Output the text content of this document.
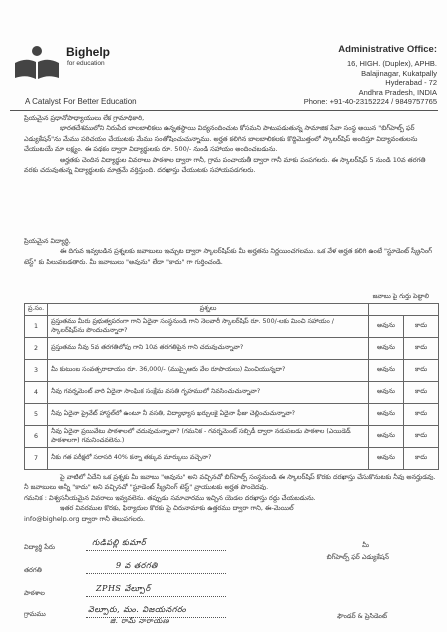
Bighelp
for education
A Catalyst For Better Education
Administrative Office:
16, HIGH. (Duplex), APHB.
Balajinagar, Kukatpally
Hyderabad - 72
Andhra Pradesh, INDIA
Phone: +91-40-23152224 / 9849757765

ప్రియమైన ప్రధానోపాధ్యాయులు లేక గ్రామాధికారి,

భారతదేశములోని నిరుపేద బాలబాలికలు ఉన్నతస్థాయి విద్యనందించుట కోసమని పాటుపడుతున్న సామాజిక సేవా సంస్థ అయిన "బిగ్‌హెల్ప్ ఫర్ ఎడ్యుకేషన్"ను మేము పరిచయం చేయుటకు మేము సంతోషించుచున్నాము. అర్హత కలిగిన బాలబాలికలకు కొద్దిమొత్తంలో స్కాలర్‌షిప్ అందిస్తూ విద్యావంతులను చేయుటయే మా లక్ష్యం. ఈ పథకం ద్వారా విద్యార్థులకు రూ. 500/- నుండి సహాయం అందించబడును.

అర్హతకు చెందిన విద్యార్థుల వివరాలు పాఠశాల ద్వారా గానీ, గ్రామ పంచాయతీ ద్వారా గానీ మాకు పంపగలరు. ఈ స్కాలర్‌షిప్ 5 నుండి 10వ తరగతి వరకు చదువుతున్న విద్యార్థులకు మాత్రమే వర్తిస్తుంది. దరఖాస్తు చేయుటకు సహాయపడగలరు.

ప్రియమైన విద్యార్థి,

ఈ దిగువ ఇవ్వబడిన ప్రశ్నలకు జవాబులు ఇచ్చుట ద్వారా స్కాలర్‌షిప్‌కు మీ అర్హతను నిర్ణయించగలము. ఒక వేళ అర్హత కలిగి ఉంటే "స్టూడెంట్ స్క్రీనింగ్ టెస్ట్" కు పిలువబడతారు. మీ జవాబులు "అవును" లేదా "కాదు" గా గుర్తించండి.

జవాబు పై గుర్తు పెట్టాలి
ప్ర.సం.	ప్రశ్నలు		
1	ప్రస్తుతము మీరు ప్రభుత్వపరంగా గాని ఏదైనా సంస్థనుండి గాని నెలవారీ స్కాలర్‌షిప్ రూ. 500/-లకు మించి సహాయం / స్కాలర్‌షిప్‌ను పొందుచున్నారా?	అవును	కాదు
2	ప్రస్తుతము నీవు 5వ తరగతిలోపు గాని 10వ తరగతిపైన గాని చదువుచున్నావా?	అవును	కాదు
3	మీ కుటుంబ సంవత్సరాదాయం రూ. 36,000/- (ముప్పైఆరు వేల రూపాయలు) మించియున్నదా?	అవును	కాదు
4	నీవు గవర్నమెంట్ వారి ఏదైనా సాంఘిక సంక్షేమ వసతి గృహములో నివసించుచున్నావా?	అవును	కాదు
5	నీవు ఏదైనా ప్రైవేట్ హాస్టల్‌లో ఉంటూ నీ వసతి, విద్యాభ్యాస ఖర్చులకై ఏదైనా ఫీజు చెల్లించుచున్నావా?	అవును	కాదు
6	నీవు ఏదైనా ప్రయివేటు పాఠశాలలో చదువుచున్నావా? (గమనిక - గవర్నమెంట్ సబ్సిడీ ద్వారా నడుపబడు పాఠశాల (ఎయిడెడ్ పాఠశాలగా) గమనించవలెను.)	అవును	కాదు
7	నీకు గత పరీక్షలో సరాసరి 40% కన్నా తక్కువ మార్కులు వచ్చెనా?	అవును	కాదు

పై వాటిలో ఏదేని ఒక ప్రశ్నకు మీ జవాబు "అవును" అని వచ్చినచో బిగ్‌హెల్ప్ సంస్థనుండి ఈ స్కాలర్‌షిప్ కొరకు దరఖాస్తు చేసుకొనుటకు నీవు అనర్హుడవు. నీ జవాబులు అన్నీ "కాదు" అని వచ్చినచో "స్టూడెంట్ స్క్రీనింగ్ టెస్ట్" వ్రాయుటకు అర్హత పొందెదవు.

గమనిక : విశ్వసనీయమైన వివరాలు ఇవ్వవలెను. తప్పుడు సమాచారము ఇచ్చిన యెడల దరఖాస్తు రద్దు చేయబడును.

ఇతర వివరముల కొరకు, ఫిర్యాదుల కొరకు పై చిరునామాకు ఉత్తరము ద్వారా గాని, ఈ-మెయిల్

info@bighelp.org ద్వారా గానీ తెలుపగలరు.

విద్యార్థి పేరు	గుడిపల్లి కుమార్
తరగతి	9 వ తరగతి
పాఠశాల	ZPHS వేల్పూర్
గ్రామము	వెల్పూరు, మం. విజయనగరం
జి. రామ్ నారాయణ
మీ
బిగ్‌హెల్ప్ ఫర్ ఎడ్యుకేషన్
ఫౌండర్ & ప్రెసిడెంట్
